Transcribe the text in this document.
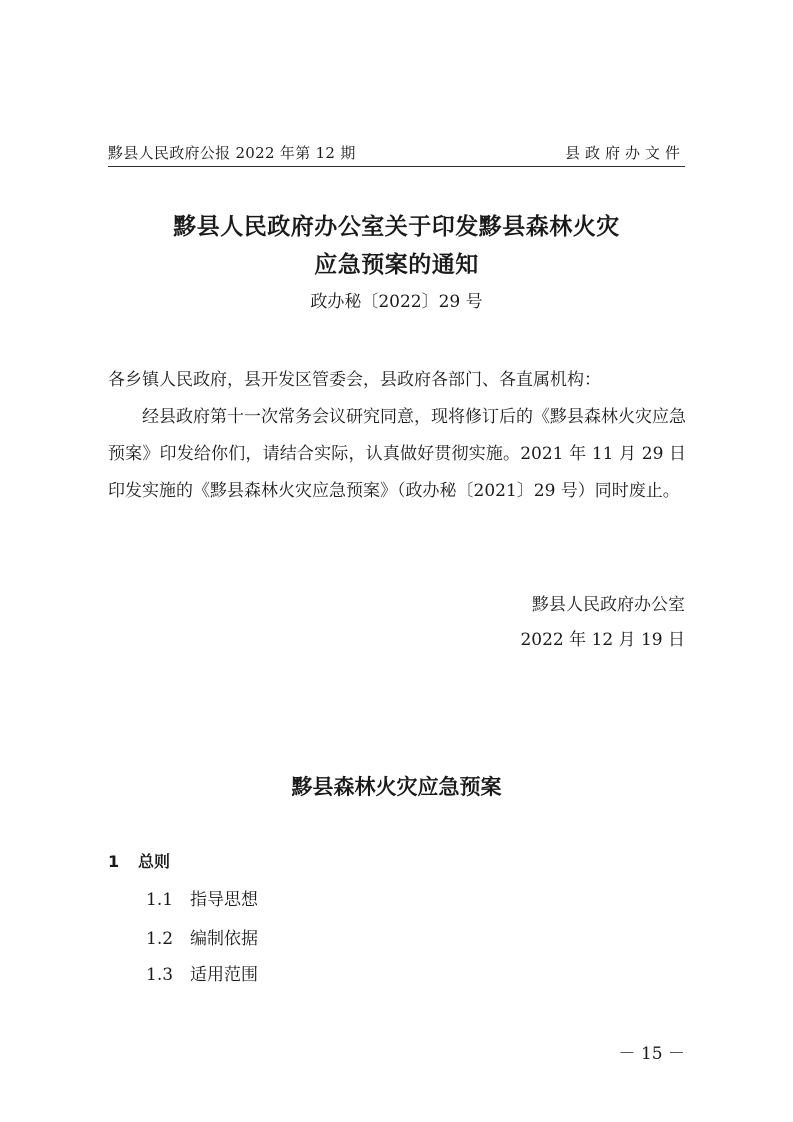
黟县人民政府公报 2022 年第 12 期	县政府办文件
黟县人民政府办公室关于印发黟县森林火灾
应急预案的通知
政办秘〔2022〕29 号
各乡镇人民政府，县开发区管委会，县政府各部门、各直属机构：
经县政府第十一次常务会议研究同意，现将修订后的《黟县森林火灾应急预案》印发给你们，请结合实际，认真做好贯彻实施。2021 年 11 月 29 日印发实施的《黟县森林火灾应急预案》（政办秘〔2021〕29 号）同时废止。
黟县人民政府办公室
2022 年 12 月 19 日
黟县森林火灾应急预案
1 总则
1.1 指导思想
1.2 编制依据
1.3 适用范围
－ 15 －
